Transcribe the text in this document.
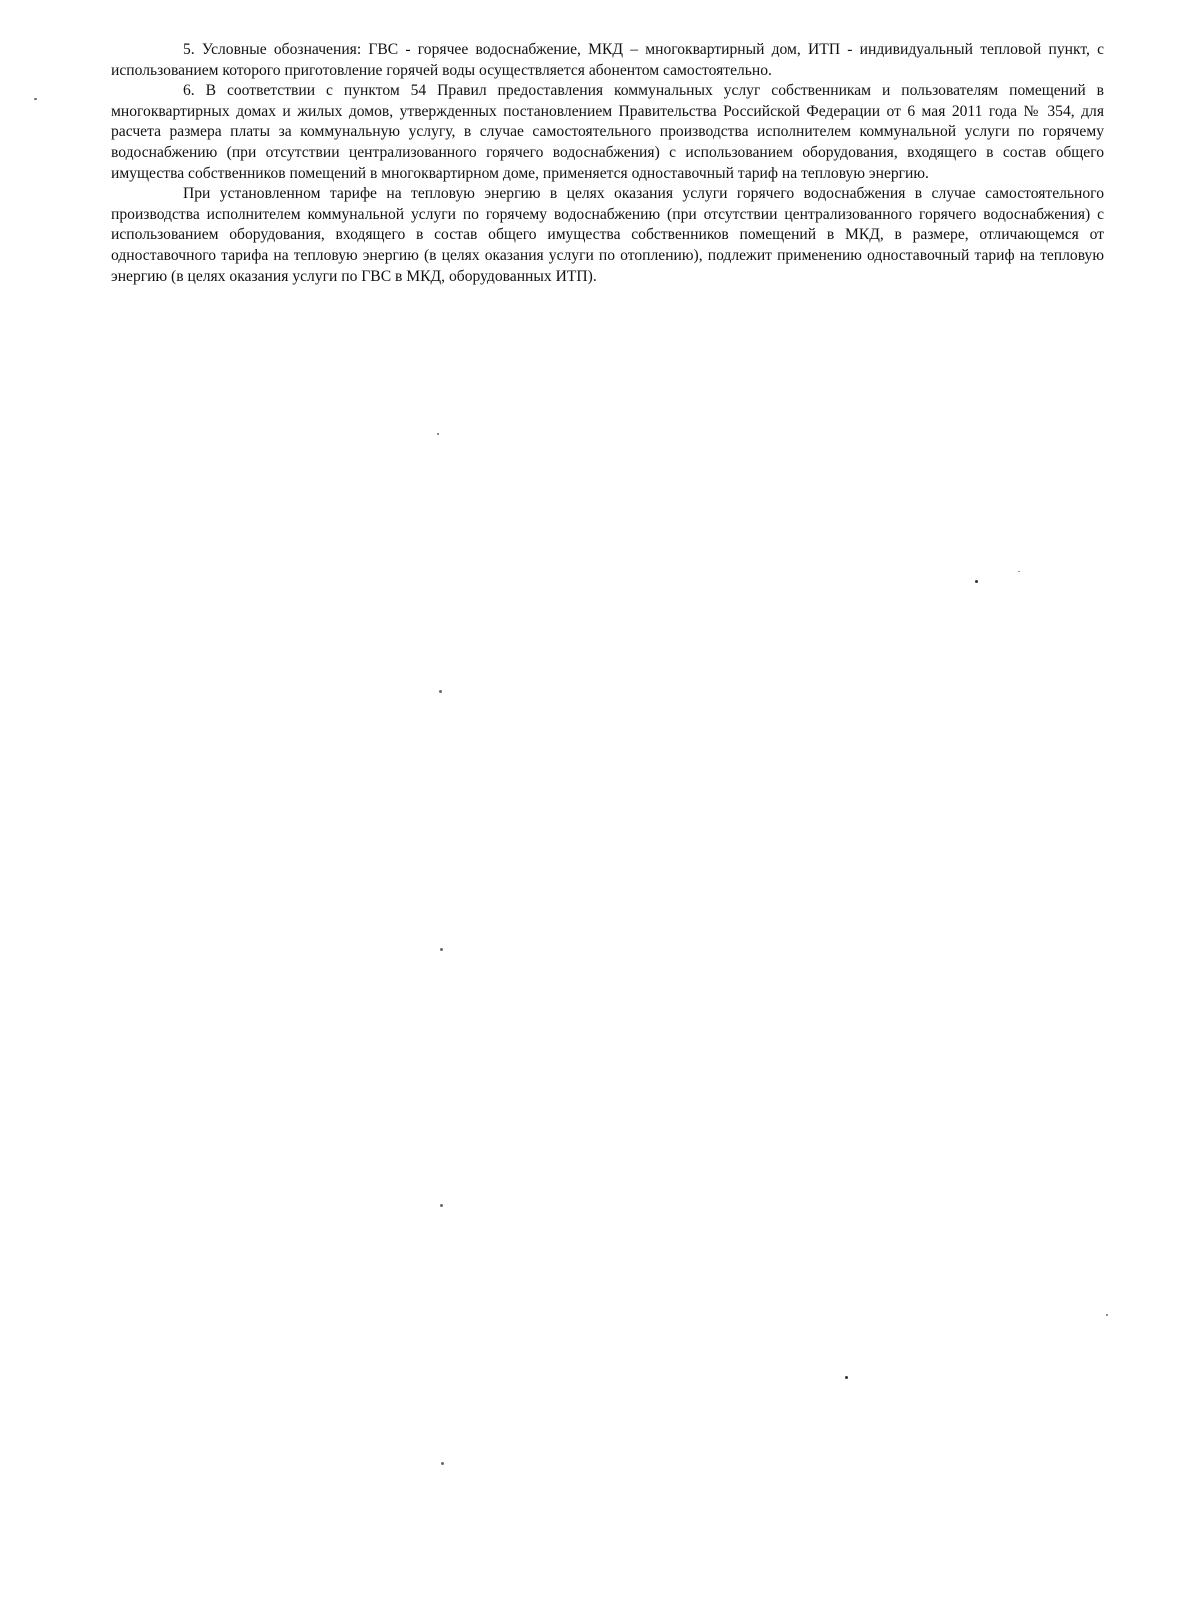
5. Условные обозначения: ГВС - горячее водоснабжение, МКД – многоквартирный дом, ИТП - индивидуальный тепловой пункт, с использованием которого приготовление горячей воды осуществляется абонентом самостоятельно.

6. В соответствии с пунктом 54 Правил предоставления коммунальных услуг собственникам и пользователям помещений в многоквартирных домах и жилых домов, утвержденных постановлением Правительства Российской Федерации от 6 мая 2011 года № 354, для расчета размера платы за коммунальную услугу, в случае самостоятельного производства исполнителем коммунальной услуги по горячему водоснабжению (при отсутствии централизованного горячего водоснабжения) с использованием оборудования, входящего в состав общего имущества собственников помещений в многоквартирном доме, применяется одноставочный тариф на тепловую энергию.

При установленном тарифе на тепловую энергию в целях оказания услуги горячего водоснабжения в случае самостоятельного производства исполнителем коммунальной услуги по горячему водоснабжению (при отсутствии централизованного горячего водоснабжения) с использованием оборудования, входящего в состав общего имущества собственников помещений в МКД, в размере, отличающемся от одноставочного тарифа на тепловую энергию (в целях оказания услуги по отоплению), подлежит применению одноставочный тариф на тепловую энергию (в целях оказания услуги по ГВС в МКД, оборудованных ИТП).
